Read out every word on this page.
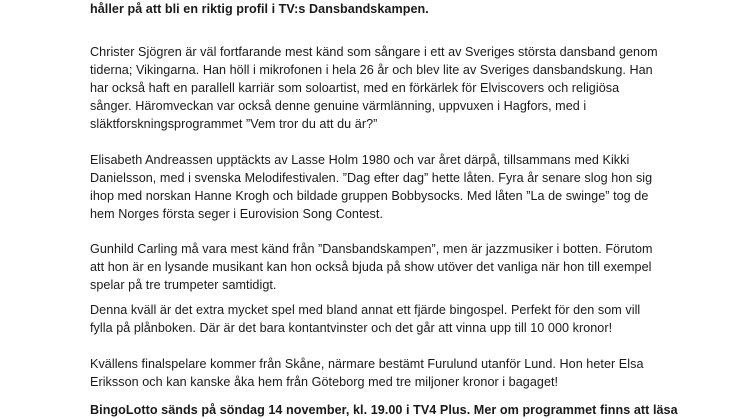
håller på att bli en riktig profil i TV:s Dansbandskampen.
Christer Sjögren är väl fortfarande mest känd som sångare i ett av Sveriges största dansband genom
tiderna; Vikingarna. Han höll i mikrofonen i hela 26 år och blev lite av Sveriges dansbandskung. Han
har också haft en parallell karriär som soloartist, med en förkärlek för Elviscovers och religiösa
sånger. Häromveckan var också denne genuine värmlänning, uppvuxen i Hagfors, med i
släktforskningsprogrammet ”Vem tror du att du är?”
Elisabeth Andreassen upptäckts av Lasse Holm 1980 och var året därpå, tillsammans med Kikki
Danielsson, med i svenska Melodifestivalen. ”Dag efter dag” hette låten. Fyra år senare slog hon sig
ihop med norskan Hanne Krogh och bildade gruppen Bobbysocks. Med låten ”La de swinge” tog de
hem Norges första seger i Eurovision Song Contest.
Gunhild Carling må vara mest känd från ”Dansbandskampen”, men är jazzmusiker i botten. Förutom
att hon är en lysande musikant kan hon också bjuda på show utöver det vanliga när hon till exempel
spelar på tre trumpeter samtidigt.
Denna kväll är det extra mycket spel med bland annat ett fjärde bingospel. Perfekt för den som vill
fylla på plånboken. Där är det bara kontantvinster och det går att vinna upp till 10 000 kronor!
Kvällens finalspelare kommer från Skåne, närmare bestämt Furulund utanför Lund. Hon heter Elsa
Eriksson och kan kanske åka hem från Göteborg med tre miljoner kronor i bagaget!
BingoLotto sänds på söndag 14 november, kl. 19.00 i TV4 Plus. Mer om programmet finns att läsa
